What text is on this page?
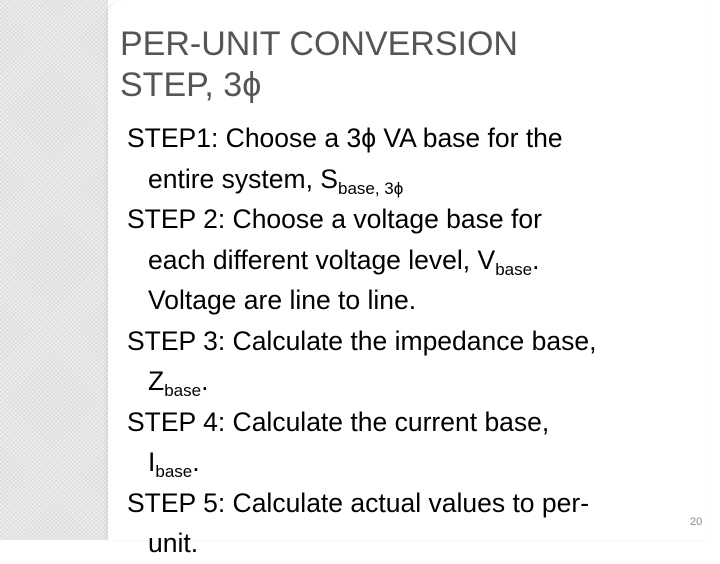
PER-UNIT CONVERSION
STEP, 3ϕ
STEP1: Choose a 3ϕ VA base for the
entire system, $S_{base, 3\phi}$
STEP 2: Choose a voltage base for
each different voltage level, $V_{base}$.
Voltage are line to line.
STEP 3: Calculate the impedance base,
$Z_{base}$.
STEP 4: Calculate the current base,
$I_{base}$.
STEP 5: Calculate actual values to per-
unit.
20
